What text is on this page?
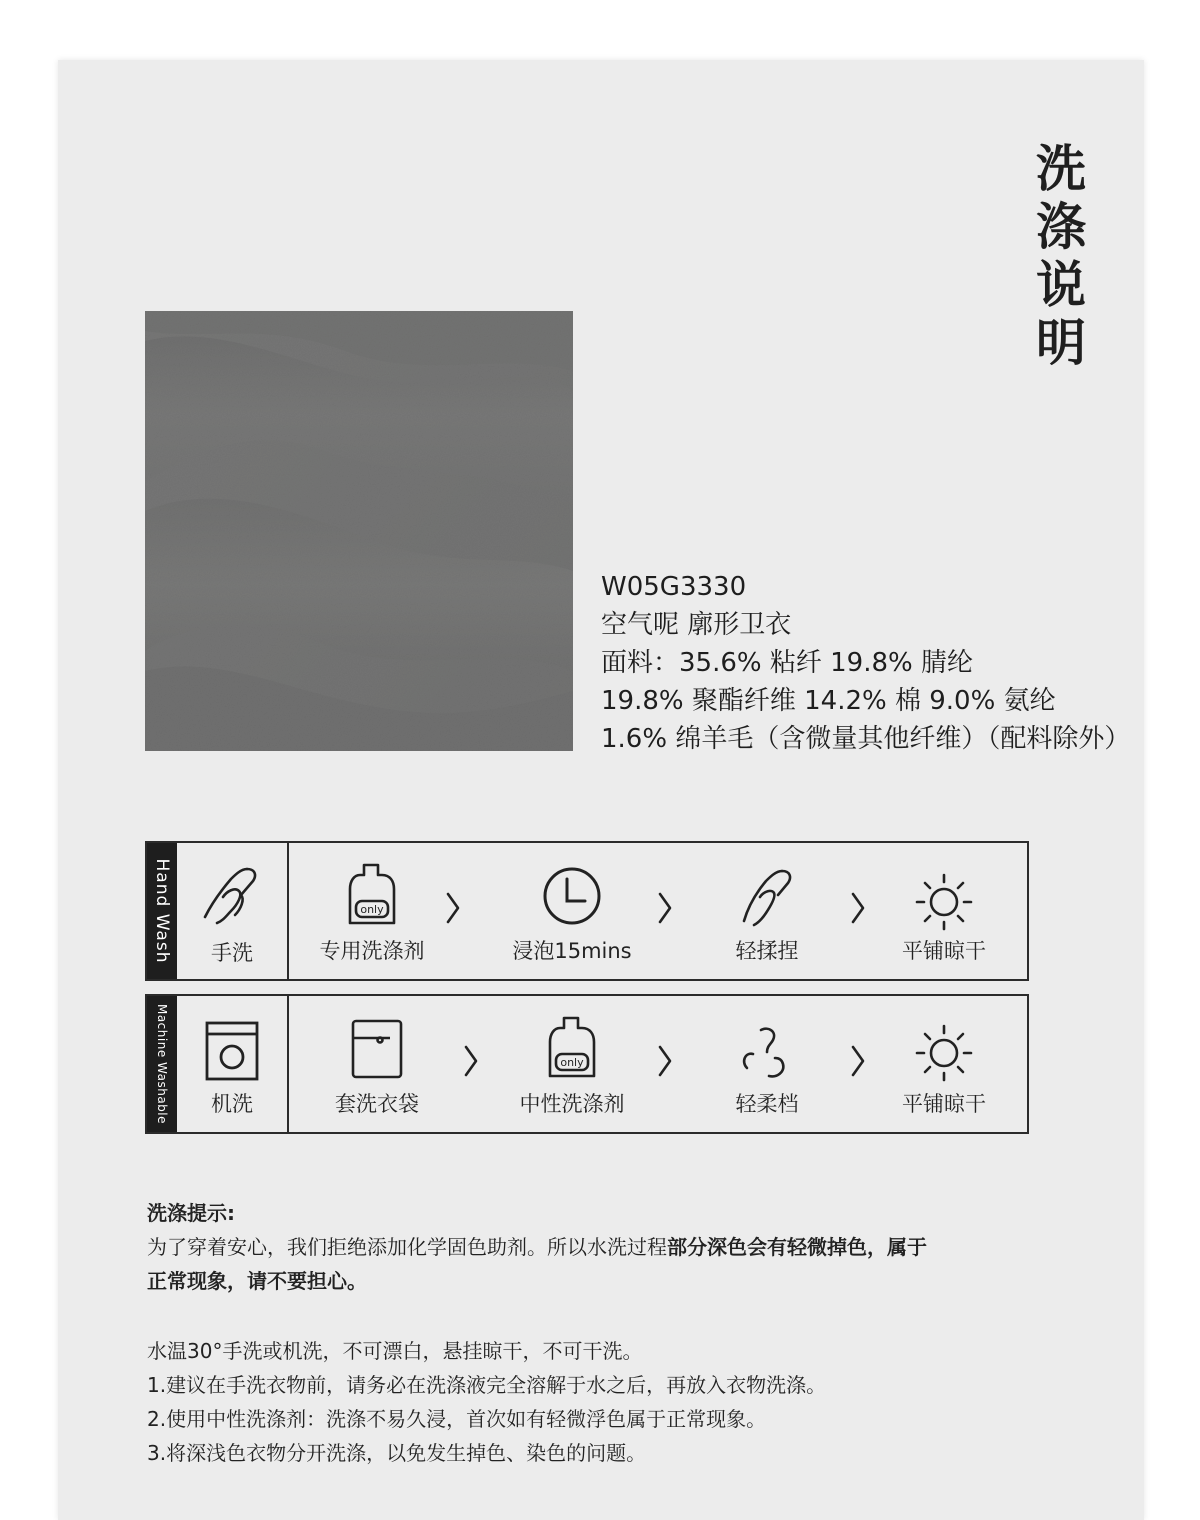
洗
涤
说
明
W05G3330
空气呢 廓形卫衣
面料：35.6% 粘纤 19.8% 腈纶
19.8% 聚酯纤维 14.2% 棉 9.0% 氨纶
1.6% 绵羊毛（含微量其他纤维）（配料除外）
Hand Wash	手洗
only
专用洗涤剂	浸泡15mins	轻揉捏	平铺晾干
Machine Washable	机洗	套洗衣袋
only
中性洗涤剂	轻柔档	平铺晾干
洗涤提示:
为了穿着安心，我们拒绝添加化学固色助剂。所以水洗过程部分深色会有轻微掉色，属于
正常现象，请不要担心。
水温30°手洗或机洗，不可漂白，悬挂晾干，不可干洗。
1.建议在手洗衣物前，请务必在洗涤液完全溶解于水之后，再放入衣物洗涤。
2.使用中性洗涤剂：洗涤不易久浸，首次如有轻微浮色属于正常现象。
3.将深浅色衣物分开洗涤，以免发生掉色、染色的问题。
